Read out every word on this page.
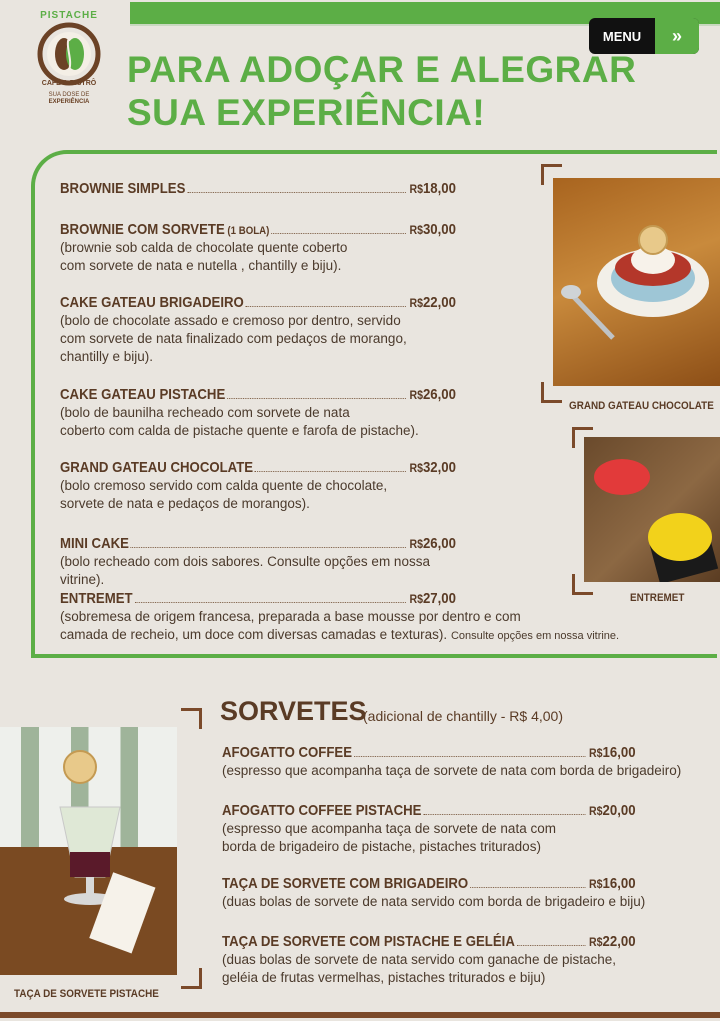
PISTACHE
CAFÉ & BISTRÔ
SUA DOSE DE
EXPERIÊNCIA
MENU	»
PARA ADOÇAR E ALEGRAR
SUA EXPERIÊNCIA!
BROWNIE SIMPLES	R$18,00
BROWNIE COM SORVETE (1 BOLA)	R$30,00
(brownie sob calda de chocolate quente coberto
com sorvete de nata e nutella , chantilly e biju).
CAKE GATEAU BRIGADEIRO	R$22,00
(bolo de chocolate assado e cremoso por dentro, servido
com sorvete de nata finalizado com pedaços de morango,
chantilly e biju).
CAKE GATEAU PISTACHE	R$26,00
(bolo de baunilha recheado com sorvete de nata
coberto com calda de pistache quente e farofa de pistache).
GRAND GATEAU CHOCOLATE	R$32,00
(bolo cremoso servido com calda quente de chocolate,
sorvete de nata e pedaços de morangos).
MINI CAKE	R$26,00
(bolo recheado com dois sabores. Consulte opções em nossa vitrine).
ENTREMET	R$27,00
(sobremesa de origem francesa, preparada a base mousse por dentro e com
camada de recheio, um doce com diversas camadas e texturas). Consulte opções em nossa vitrine.
GRAND GATEAU CHOCOLATE
ENTREMET
TAÇA DE SORVETE PISTACHE
SORVETES
(adicional de chantilly - R$ 4,00)
AFOGATTO COFFEE	R$16,00
(espresso que acompanha taça de sorvete de nata com borda de brigadeiro)
AFOGATTO COFFEE PISTACHE	R$20,00
(espresso que acompanha taça de sorvete de nata com
borda de brigadeiro de pistache, pistaches triturados)
TAÇA DE SORVETE COM BRIGADEIRO	R$16,00
(duas bolas de sorvete de nata servido com borda de brigadeiro e biju)
TAÇA DE SORVETE COM PISTACHE E GELÉIA	R$22,00
(duas bolas de sorvete de nata servido com ganache de pistache,
geléia de frutas vermelhas, pistaches triturados e biju)
